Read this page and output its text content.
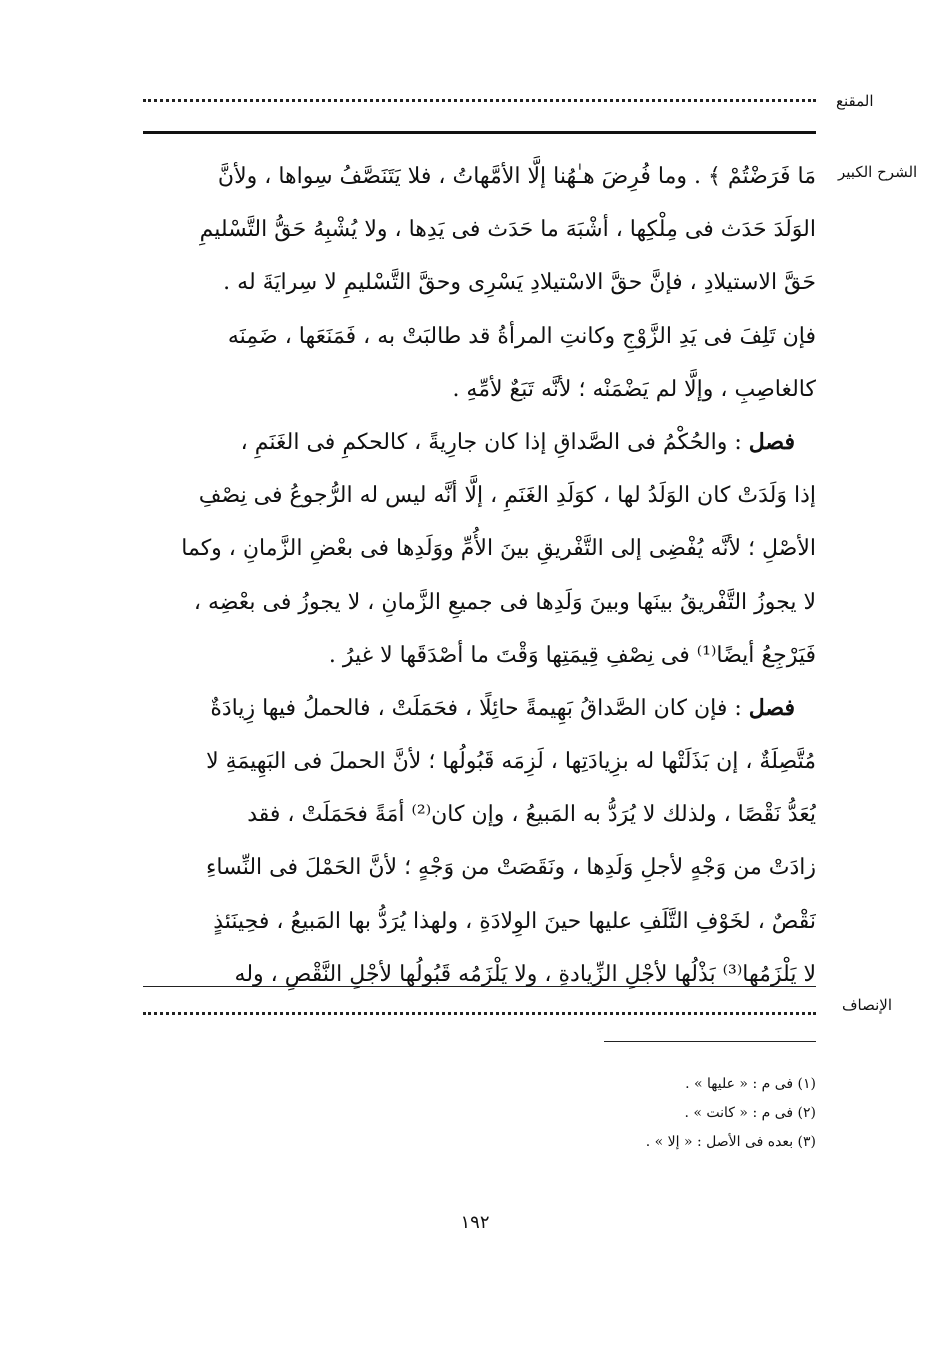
المقنع
الشرح الكبير
الإنصاف
مَا فَرَضْتُمْ ﴾ . وما فُرِضَ هـٰهُنا إلَّا الأمَّهاتُ ، فلا يَتَنَصَّفُ سِواها ، ولأنَّ
الوَلَدَ حَدَث فى مِلْكِها ، أشْبَهَ ما حَدَث فى يَدِها ، ولا يُشْبِهُ حَقُّ التَّسْليمِ
حَقَّ الاستيلادِ ، فإنَّ حقَّ الاسْتيلادِ يَسْرِى وحقَّ التَّسْليمِ لا سِرايَةَ له .
فإن تَلِفَ فى يَدِ الزَّوْجِ وكانتِ المرأةُ قد طالبَتْ به ، فَمَنَعَها ، ضَمِنَه
كالغاصِبِ ، وإلَّا لم يَضْمَنْه ؛ لأنَّه تَبَعٌ لأمِّهِ .
فصل : والحُكْمُ فى الصَّداقِ إذا كان جارِيةً ، كالحكمِ فى الغَنَمِ ،
إذا وَلَدَتْ كان الوَلَدُ لها ، كوَلَدِ الغَنَمِ ، إلَّا أنَّه ليس له الرُّجوعُ فى نِصْفِ
الأصْلِ ؛ لأنَّه يُفْضِى إلى التَّفْريقِ بينَ الأُمِّ ووَلَدِها فى بعْضِ الزَّمانِ ، وكما
لا يجوزُ التَّفْريقُ بينَها وبينَ وَلَدِها فى جميعِ الزَّمانِ ، لا يجوزُ فى بعْضِه ،
فَيَرْجِعُ أيضًا⁽¹⁾ فى نِصْفِ قِيمَتِها وَقْتَ ما أصْدَقَها لا غيرُ .
فصل : فإن كان الصَّداقُ بَهِيمةً حائِلًا ، فحَمَلَتْ ، فالحملُ فيها زِيادَةٌ
مُتَّصِلَةٌ ، إن بَذَلَتْها له بزِيادَتِها ، لَزِمَه قَبُولُها ؛ لأنَّ الحملَ فى البَهِيمَةِ لا
يُعَدُّ نَقْصًا ، ولذلك لا يُرَدُّ به المَبيعُ ، وإن كان⁽²⁾ أمَةً فحَمَلَتْ ، فقد
زادَتْ من وَجْهٍ لأجلِ وَلَدِها ، ونَقَصَتْ من وَجْهٍ ؛ لأنَّ الحَمْلَ فى النِّساءِ
نَقْصٌ ، لخَوْفِ التَّلَفِ عليها حينَ الوِلادَةِ ، ولهذا يُرَدُّ بها المَبيعُ ، فحِينَئذٍ
لا يَلْزَمُها⁽³⁾ بَذْلُها لأجْلِ الزِّيادةِ ، ولا يَلْزَمُه قَبُولُها لأجْلِ النَّقْصِ ، وله
(١) فى م : « عليها » .
(٢) فى م : « كانت » .
(٣) بعده فى الأصل : « إلا » .
١٩٢
